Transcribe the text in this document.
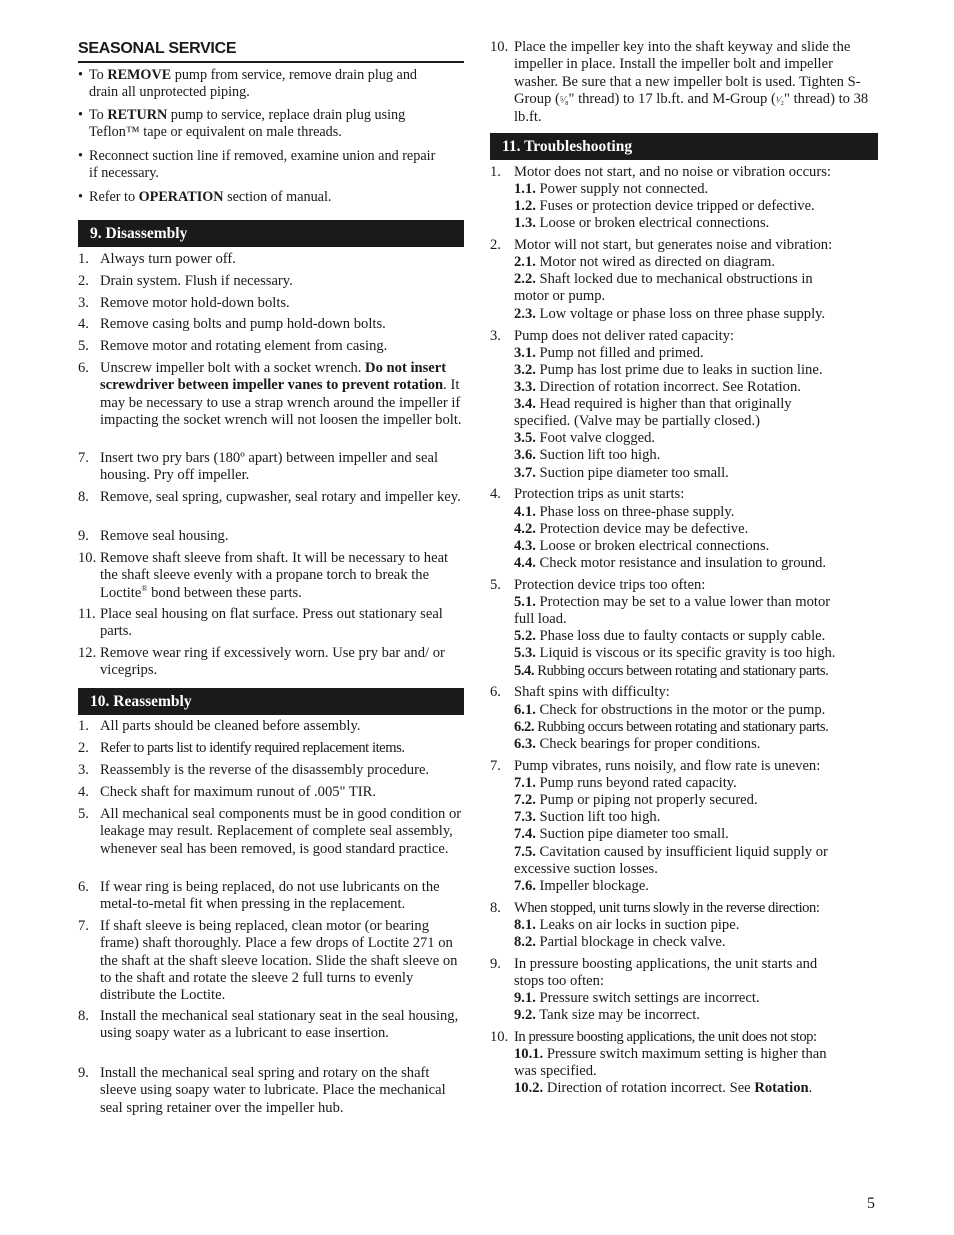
SEASONAL SERVICE
• To REMOVE pump from service, remove drain plug and
drain all unprotected piping.
• To RETURN pump to service, replace drain plug using
Teflon™ tape or equivalent on male threads.
• Reconnect suction line if removed, examine union and repair
if necessary.
• Refer to OPERATION section of manual.
9. Disassembly
1. Always turn power off.
2. Drain system. Flush if necessary.
3. Remove motor hold-down bolts.
4. Remove casing bolts and pump hold-down bolts.
5. Remove motor and rotating element from casing.
6. Unscrew impeller bolt with a socket wrench. Do not insert screwdriver between impeller vanes to prevent rotation. It may be necessary to use a strap wrench around the impeller if impacting the socket wrench will not loosen the impeller bolt.
7. Insert two pry bars (180º apart) between impeller and seal housing. Pry off impeller.
8. Remove, seal spring, cupwasher, seal rotary and impeller key.
9. Remove seal housing.
10. Remove shaft sleeve from shaft. It will be necessary to heat the shaft sleeve evenly with a propane torch to break the Loctite® bond between these parts.
11. Place seal housing on flat surface. Press out stationary seal parts.
12. Remove wear ring if excessively worn. Use pry bar and/ or vicegrips.
10. Reassembly
1. All parts should be cleaned before assembly.
2. Refer to parts list to identify required replacement items.
3. Reassembly is the reverse of the disassembly procedure.
4. Check shaft for maximum runout of .005" TIR.
5. All mechanical seal components must be in good condition or leakage may result. Replacement of complete seal assembly, whenever seal has been removed, is good standard practice.
6. If wear ring is being replaced, do not use lubricants on the metal-to-metal fit when pressing in the replacement.
7. If shaft sleeve is being replaced, clean motor (or bearing frame) shaft thoroughly. Place a few drops of Loctite 271 on the shaft at the shaft sleeve location. Slide the shaft sleeve on to the shaft and rotate the sleeve 2 full turns to evenly distribute the Loctite.
8. Install the mechanical seal stationary seat in the seal housing, using soapy water as a lubricant to ease insertion.
9. Install the mechanical seal spring and rotary on the shaft sleeve using soapy water to lubricate. Place the mechanical seal spring retainer over the impeller hub.
10. Place the impeller key into the shaft keyway and slide the impeller in place. Install the impeller bolt and impeller washer. Be sure that a new impeller bolt is used. Tighten S-Group (⁵⁄₈" thread) to 17 lb.ft. and M-Group (¹⁄₂" thread) to 38 lb.ft.
11. Troubleshooting
1. Motor does not start, and no noise or vibration occurs:
1.1. Power supply not connected.
1.2. Fuses or protection device tripped or defective.
1.3. Loose or broken electrical connections.
2. Motor will not start, but generates noise and vibration:
2.1. Motor not wired as directed on diagram.
2.2. Shaft locked due to mechanical obstructions in
motor or pump.
2.3. Low voltage or phase loss on three phase supply.
3. Pump does not deliver rated capacity:
3.1. Pump not filled and primed.
3.2. Pump has lost prime due to leaks in suction line.
3.3. Direction of rotation incorrect. See Rotation.
3.4. Head required is higher than that originally
specified. (Valve may be partially closed.)
3.5. Foot valve clogged.
3.6. Suction lift too high.
3.7. Suction pipe diameter too small.
4. Protection trips as unit starts:
4.1. Phase loss on three-phase supply.
4.2. Protection device may be defective.
4.3. Loose or broken electrical connections.
4.4. Check motor resistance and insulation to ground.
5. Protection device trips too often:
5.1. Protection may be set to a value lower than motor
full load.
5.2. Phase loss due to faulty contacts or supply cable.
5.3. Liquid is viscous or its specific gravity is too high.
5.4. Rubbing occurs between rotating and stationary parts.
6. Shaft spins with difficulty:
6.1. Check for obstructions in the motor or the pump.
6.2. Rubbing occurs between rotating and stationary parts.
6.3. Check bearings for proper conditions.
7. Pump vibrates, runs noisily, and flow rate is uneven:
7.1. Pump runs beyond rated capacity.
7.2. Pump or piping not properly secured.
7.3. Suction lift too high.
7.4. Suction pipe diameter too small.
7.5. Cavitation caused by insufficient liquid supply or
excessive suction losses.
7.6. Impeller blockage.
8. When stopped, unit turns slowly in the reverse direction:
8.1. Leaks on air locks in suction pipe.
8.2. Partial blockage in check valve.
9. In pressure boosting applications, the unit starts and
stops too often:
9.1. Pressure switch settings are incorrect.
9.2. Tank size may be incorrect.
10. In pressure boosting applications, the unit does not stop:
10.1. Pressure switch maximum setting is higher than
was specified.
10.2. Direction of rotation incorrect. See Rotation.
5
